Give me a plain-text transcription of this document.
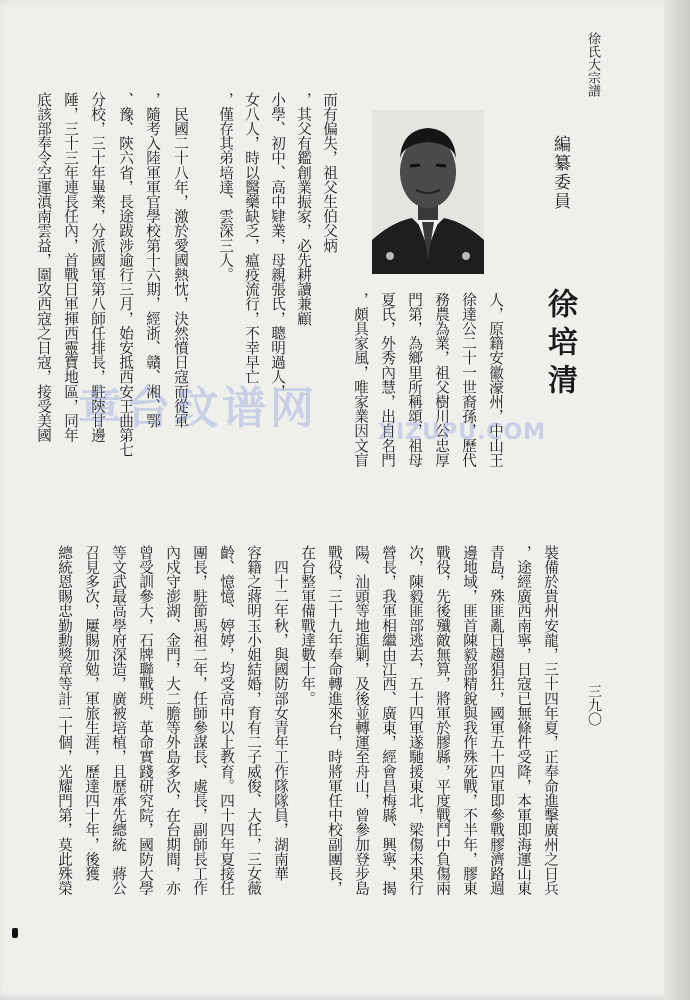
徐氏大宗譜
編纂委員
徐培清
人，原籍安徽濠州，中山王
徐達公二十一世裔孫，歷代
務農為業，祖父樹川公忠厚
門第，為鄉里所稱頌，祖母
夏氏，外秀內慧，出自名門
，頗具家風，唯家業因文盲
而有偏失，祖父生伯父炳
，其父有鑑創業振家，必先耕讀兼顧
小學、初中、高中肄業，母親張氏，聰明過人，
女八人，時以醫藥缺乏，瘟疫流行，不幸早亡
，僅存其弟培達、雲深三人。
　民國二十八年，激於愛國熱忱，決然憤日寇而從軍
，隨考入陸軍軍官學校第十六期，經浙、贛、湘、鄂
、豫、陝六省，長途跋涉逾行三月，始安抵西安王曲第七
分校，三十年畢業，分派國軍第八師任排長，駐陝甘邊
陲，三十三年連長任內，首戰日軍揮西靈寶地區，同年
底該部奉令空運滇南雲益，圍攻西寇之日寇，接受美國
裝備於貴州安龍，三十四年夏，正奉命進擊廣州之日兵
，途經廣西南寧，日寇已無條件受降，本軍即海運山東
青島，殊匪亂日趨猖狂，國軍五十四軍即參戰膠濟路週
邊地域，匪首陳毅部精銳與我作殊死戰，不半年，膠東
戰役，先後殲敵無算，將軍於膠縣，平度戰鬥中負傷兩
次，陳毅匪部逃去，五十四軍遂馳援東北，梁傷未果行
營長，我軍相繼由江西、廣東，經會昌梅縣、興寧、揭
陽、汕頭等地進剿，及後並轉運至舟山，曾參加登步島
戰役，三十九年奉命轉進來台，時將軍任中校副團長，
在台整軍備戰達數十年。
　四十二年秋，與國防部女青年工作隊隊員，湖南華
容籍之蔣明玉小姐結婚，育有二子威俊、大任，三女薇
齡、憶憶、婷婷，均受高中以上教育。四十四年夏接任
團長，駐節馬祖二年，任師參謀長、處長，副師長工作
內戍守澎湖、金門，大二膽等外島多次，在台期間，亦
曾受訓參大，石牌聯戰班、革命實踐研究院，國防大學
等文武最高學府深造，廣被培植，且歷承先總統　蔣公
召見多次，屢賜加勉，軍旅生涯，歷達四十年，後獲
總統恩賜忠勤勳獎章等計二十個，光耀門第，莫此殊榮	三九〇
章台玟谱网	XIZUPU.COM
